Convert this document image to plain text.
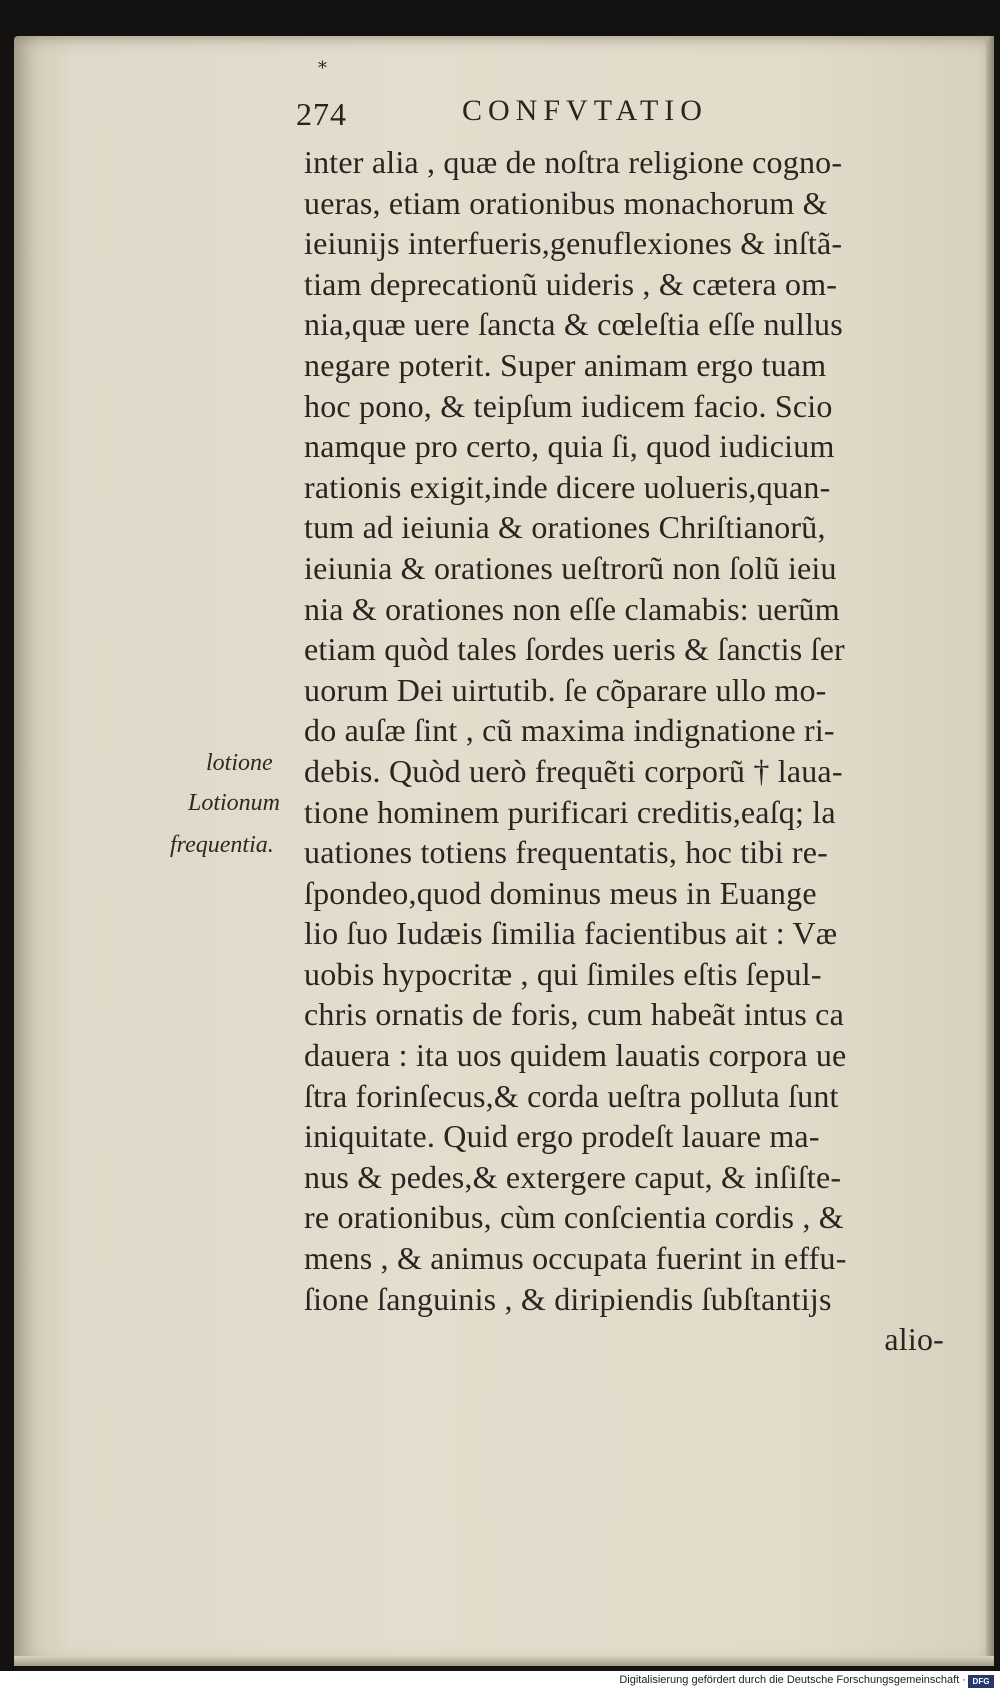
*
274	CONFVTATIO
inter alia , quæ de noſtra religione cogno-
ueras, etiam orationibus monachorum &
ieiunijs interfueris,genuflexiones & inſtã-
tiam deprecationũ uideris , & cætera om-
nia,quæ uere ſancta & cœleſtia eſſe nullus
negare poterit. Super animam ergo tuam
hoc pono, & teipſum iudicem facio. Scio
namque pro certo, quia ſi, quod iudicium
rationis exigit,inde dicere uolueris,quan-
tum ad ieiunia & orationes Chriſtianorũ,
ieiunia & orationes ueſtrorũ non ſolũ ieiu
nia & orationes non eſſe clamabis: uerũm
etiam quòd tales ſordes ueris & ſanctis ſer
uorum Dei uirtutib. ſe cõparare ullo mo-
do auſæ ſint , cũ maxima indignatione ri-
debis. Quòd uerò frequẽti corporũ † laua-
tione hominem purificari creditis,eaſq; la
uationes totiens frequentatis, hoc tibi re-
ſpondeo,quod dominus meus in Euange
lio ſuo Iudæis ſimilia facientibus ait : Væ
uobis hypocritæ , qui ſimiles eſtis ſepul-
chris ornatis de foris, cum habeãt intus ca
dauera : ita uos quidem lauatis corpora ue
ſtra forinſecus,& corda ueſtra polluta ſunt
iniquitate. Quid ergo prodeſt lauare ma-
nus & pedes,& extergere caput, & inſiſte-
re orationibus, cùm conſcientia cordis , &
mens , & animus occupata fuerint in effu-
ſione ſanguinis , & diripiendis ſubſtantijs
alio-
lotione
Lotionum
frequentia.
Digitalisierung gefördert durch die Deutsche Forschungsgemeinschaft · DFG
